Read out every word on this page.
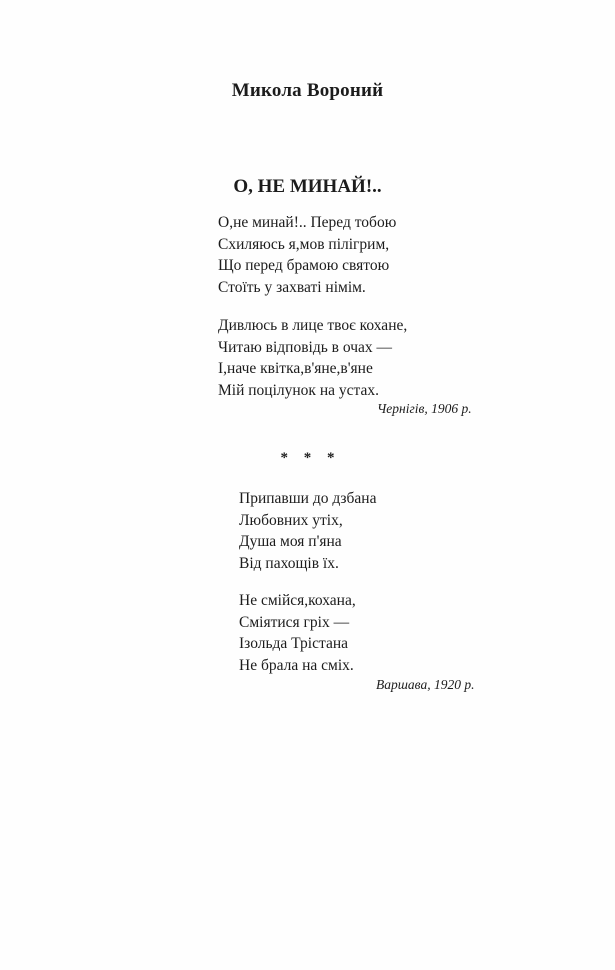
Микола Вороний
О, НЕ МИНАЙ!..
О,не минай!.. Перед тобою
Схиляюсь я,мов пілігрим,
Що перед брамою святою
Стоїть у захваті німім.
Дивлюсь в лице твоє кохане,
Читаю відповідь в очах —
І,наче квітка,в'яне,в'яне
Мій поцілунок на устах.

Чернігів, 1906 р.

* * *

Припавши до дзбана
Любовних утіх,
Душа моя п'яна
Від пахощів їх.
Не смійся,кохана,
Сміятися гріх —
Ізольда Трістана
Не брала на сміх.

Варшава, 1920 р.
